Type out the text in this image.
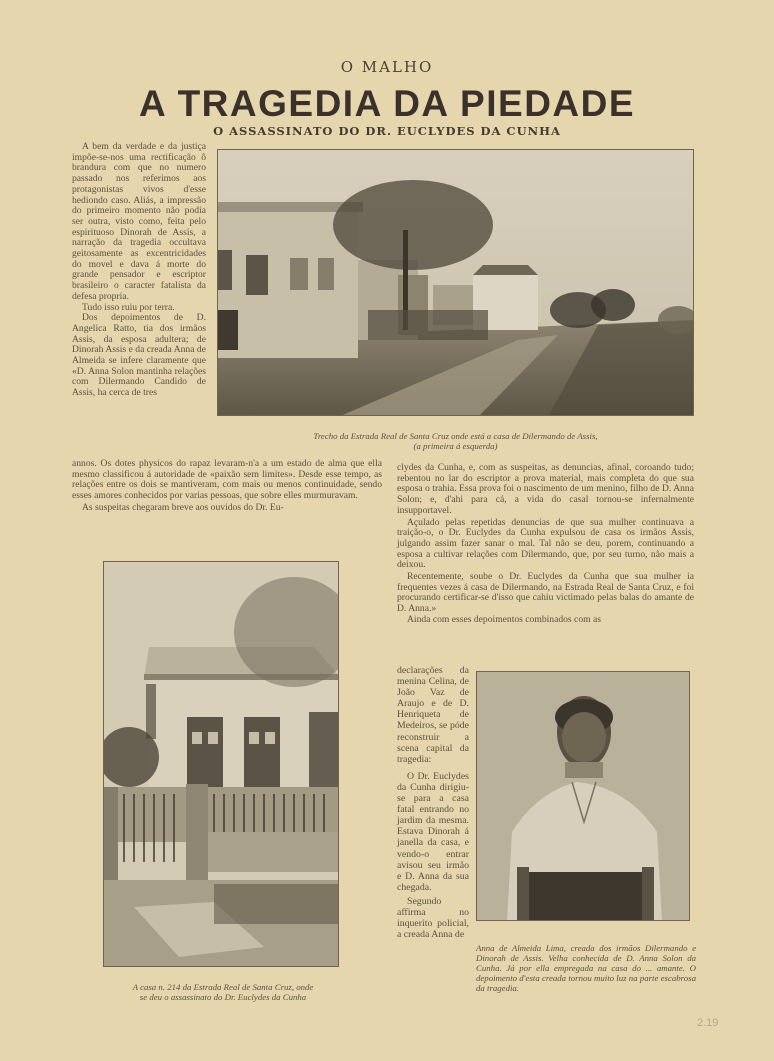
O MALHO
A TRAGEDIA DA PIEDADE
O ASSASSINATO DO DR. EUCLYDES DA CUNHA

A bem da verdade e da justiça impõe-se-nos uma rectificação ô brandura com que no numero passado nos referimos aos protagonistas vivos d'esse hediondo caso. Aliás, a impressão do primeiro momento não podia ser outra, visto como, feita pelo espirituoso Dinorah de Assis, a narração da tragedia occultava geitosamente as excentricidades do movel e dava á morte do grande pensador e escriptor brasileiro o caracter fatalista da defesa propria.

Tudo isso ruiu por terra.

Dos depoimentos de D. Angelica Ratto, tia dos irmãos Assis, da esposa adultera; de Dinorah Assis e da creada Anna de Almeida se infere claramente que «D. Anna Solon mantinha relações com Dilermando Candido de Assis, ha cerca de tres

annos. Os dotes physicos do rapaz levaram-n'a a um estado de alma que ella mesmo classificou á autoridade de «paixão sem limites». Desde esse tempo, as relações entre os dois se mantiveram, com mais ou menos continuidade, sendo esses amores conhecidos por varias pessoas, que sobre elles murmuravam.

As suspeitas chegaram breve aos ouvidos do Dr. Eu-

Trecho da Estrada Real de Santa Cruz onde está a casa de Dilermando de Assis,
(a primeira á esquerda)

clydes da Cunha, e, com as suspeitas, as denuncias, afinal, coroando tudo; rebentou no lar do escriptor a prova material, mais completa do que sua esposa o trahia. Essa prova foi o nascimento de um menino, filho de D. Anna Solon; e, d'ahi para cá, a vida do casal tornou-se infernalmente insupportavel.

Açulado pelas repetidas denuncias de que sua mulher continuava a traição-o, o Dr. Euclydes da Cunha expulsou de casa os irmãos Assis, julgando assim fazer sanar o mal. Tal não se deu, porem, continuando a esposa a cultivar relações com Dilermando, que, por seu turno, não mais a deixou.

Recentemente, soube o Dr. Euclydes da Cunha que sua mulher ia frequentes vezes á casa de Dilermando, na Estrada Real de Santa Cruz, e foi procurando certificar-se d'isso que cahiu victimado pelas balas do amante de D. Anna.»

Ainda com esses depoimentos combinados com as

declarações da menina Celina, de João Vaz de Araujo e de D. Henriqueta de Medeiros, se póde reconstruir a scena capital da tragedia:

O Dr. Euclydes da Cunha dirigiu-se para a casa fatal entrando no jardim da mesma. Estava Dinorah á janella da casa, e vendo-o entrar avisou seu irmão e D. Anna da sua chegada.

Segundo affirma no inquerito policial, a creada Anna de

A casa n. 214 da Estrada Real de Santa Cruz, onde
se deu o assassinato do Dr. Euclydes da Cunha
Anna de Almeida Lima, creada dos irmãos Dilermando e Dinorah de Assis. Velha conhecida de D. Anna Solon da Cunha. Já por ella empregada na casa do ... amante. O depoimento d'esta creada tornou muito luz na parte escabrosa da tragedia.
2.19
